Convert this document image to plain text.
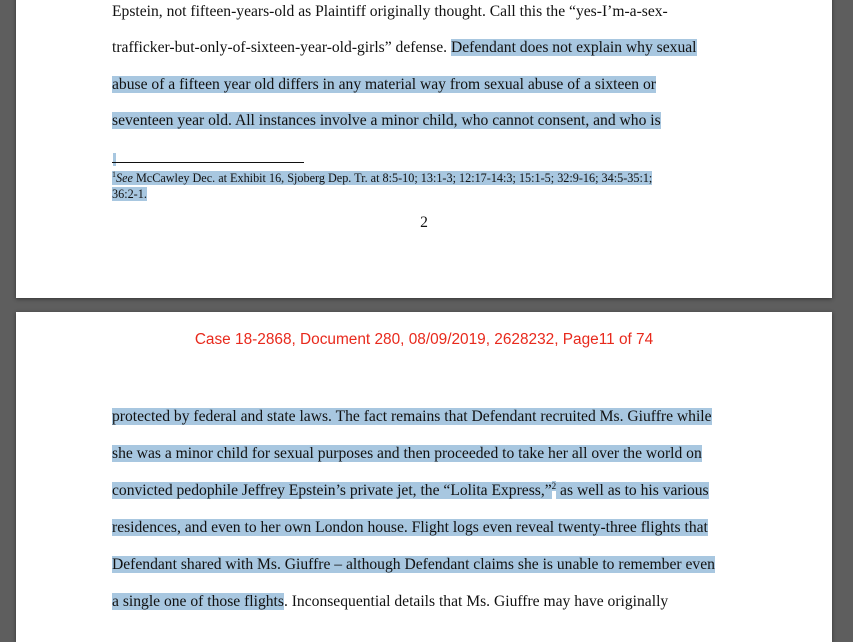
Epstein, not fifteen-years-old as Plaintiff originally thought. Call this the “yes-I’m-a-sex-
trafficker-but-only-of-sixteen-year-old-girls” defense. Defendant does not explain why sexual
abuse of a fifteen year old differs in any material way from sexual abuse of a sixteen or
seventeen year old. All instances involve a minor child, who cannot consent, and who is
$^1$See McCawley Dec. at Exhibit 16, Sjoberg Dep. Tr. at 8:5-10; 13:1-3; 12:17-14:3; 15:1-5; 32:9-16; 34:5-35:1;
36:2-1.
2
Case 18-2868, Document 280, 08/09/2019, 2628232, Page11 of 74
protected by federal and state laws. The fact remains that Defendant recruited Ms. Giuffre while
she was a minor child for sexual purposes and then proceeded to take her all over the world on
convicted pedophile Jeffrey Epstein’s private jet, the “Lolita Express,”$^2$ as well as to his various
residences, and even to her own London house. Flight logs even reveal twenty-three flights that
Defendant shared with Ms. Giuffre – although Defendant claims she is unable to remember even
a single one of those flights. Inconsequential details that Ms. Giuffre may have originally
